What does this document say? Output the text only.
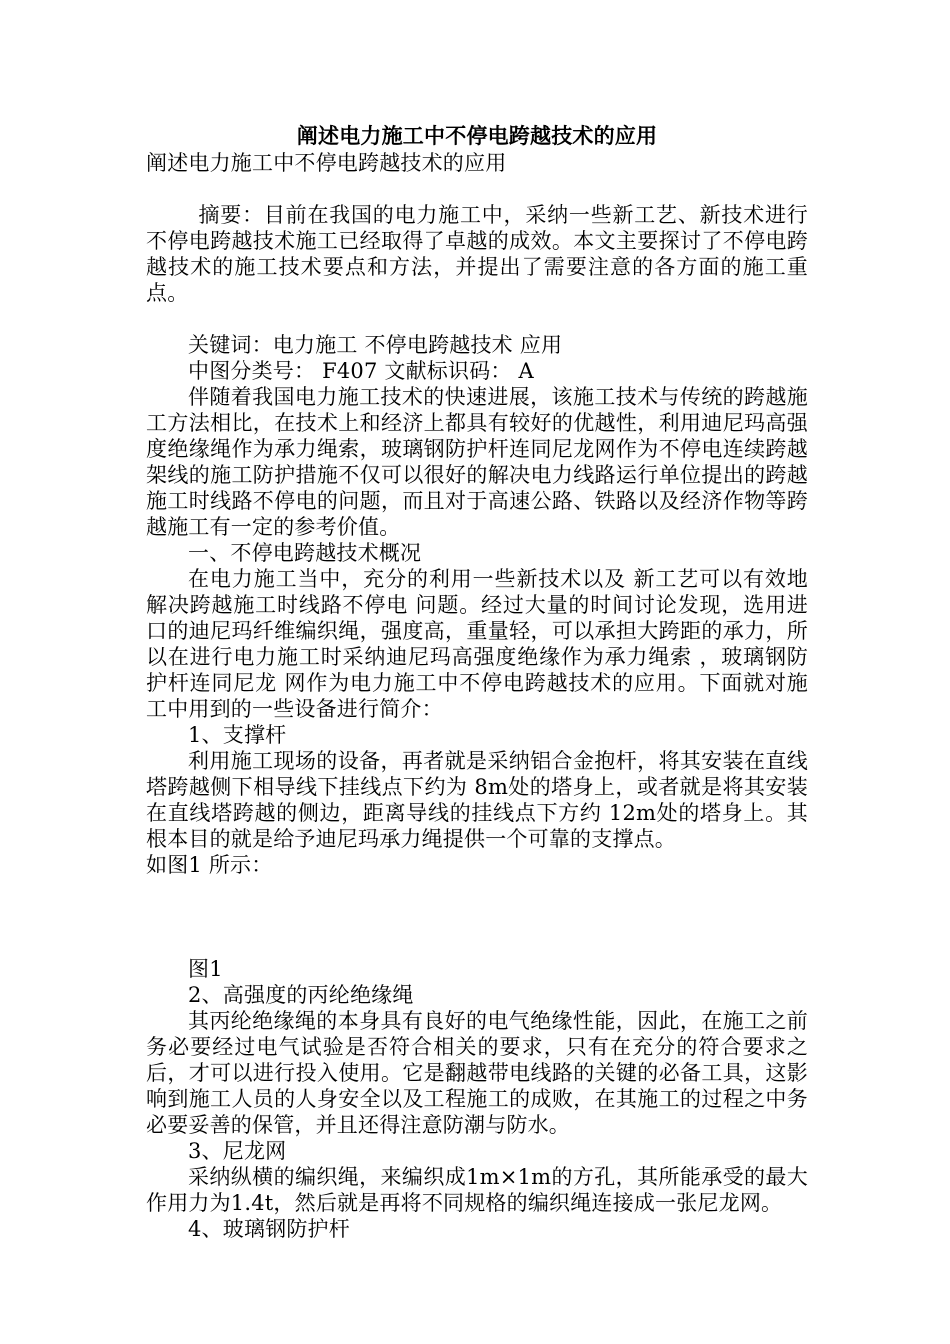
阐述电力施工中不停电跨越技术的应用

阐述电力施工中不停电跨越技术的应用

摘要：目前在我国的电力施工中，采纳一些新工艺、新技术进行不停电跨越技术施工已经取得了卓越的成效。本文主要探讨了不停电跨越技术的施工技术要点和方法，并提出了需要注意的各方面的施工重点。

关键词：电力施工 不停电跨越技术 应用

中图分类号： F407 文献标识码： A

伴随着我国电力施工技术的快速进展，该施工技术与传统的跨越施工方法相比，在技术上和经济上都具有较好的优越性，利用迪尼玛高强度绝缘绳作为承力绳索，玻璃钢防护杆连同尼龙网作为不停电连续跨越架线的施工防护措施不仅可以很好的解决电力线路运行单位提出的跨越施工时线路不停电的问题，而且对于高速公路、铁路以及经济作物等跨越施工有一定的参考价值。

一、不停电跨越技术概况

在电力施工当中，充分的利用一些新技术以及 新工艺可以有效地解决跨越施工时线路不停电 问题。经过大量的时间讨论发现，选用进口的迪尼玛纤维编织绳，强度高，重量轻，可以承担大跨距的承力，所以在进行电力施工时采纳迪尼玛高强度绝缘作为承力绳索 ，玻璃钢防护杆连同尼龙 网作为电力施工中不停电跨越技术的应用。下面就对施工中用到的一些设备进行简介：

1、支撑杆

利用施工现场的设备，再者就是采纳铝合金抱杆，将其安装在直线塔跨越侧下相导线下挂线点下约为 8m处的塔身上，或者就是将其安装在直线塔跨越的侧边，距离导线的挂线点下方约 12m处的塔身上。其根本目的就是给予迪尼玛承力绳提供一个可靠的支撑点。

如图1 所示：

图1

2、高强度的丙纶绝缘绳

其丙纶绝缘绳的本身具有良好的电气绝缘性能，因此，在施工之前务必要经过电气试验是否符合相关的要求，只有在充分的符合要求之后，才可以进行投入使用。它是翻越带电线路的关键的必备工具，这影响到施工人员的人身安全以及工程施工的成败，在其施工的过程之中务必要妥善的保管，并且还得注意防潮与防水。

3、尼龙网

采纳纵横的编织绳，来编织成1m×1m的方孔，其所能承受的最大作用力为1.4t，然后就是再将不同规格的编织绳连接成一张尼龙网。

4、玻璃钢防护杆
